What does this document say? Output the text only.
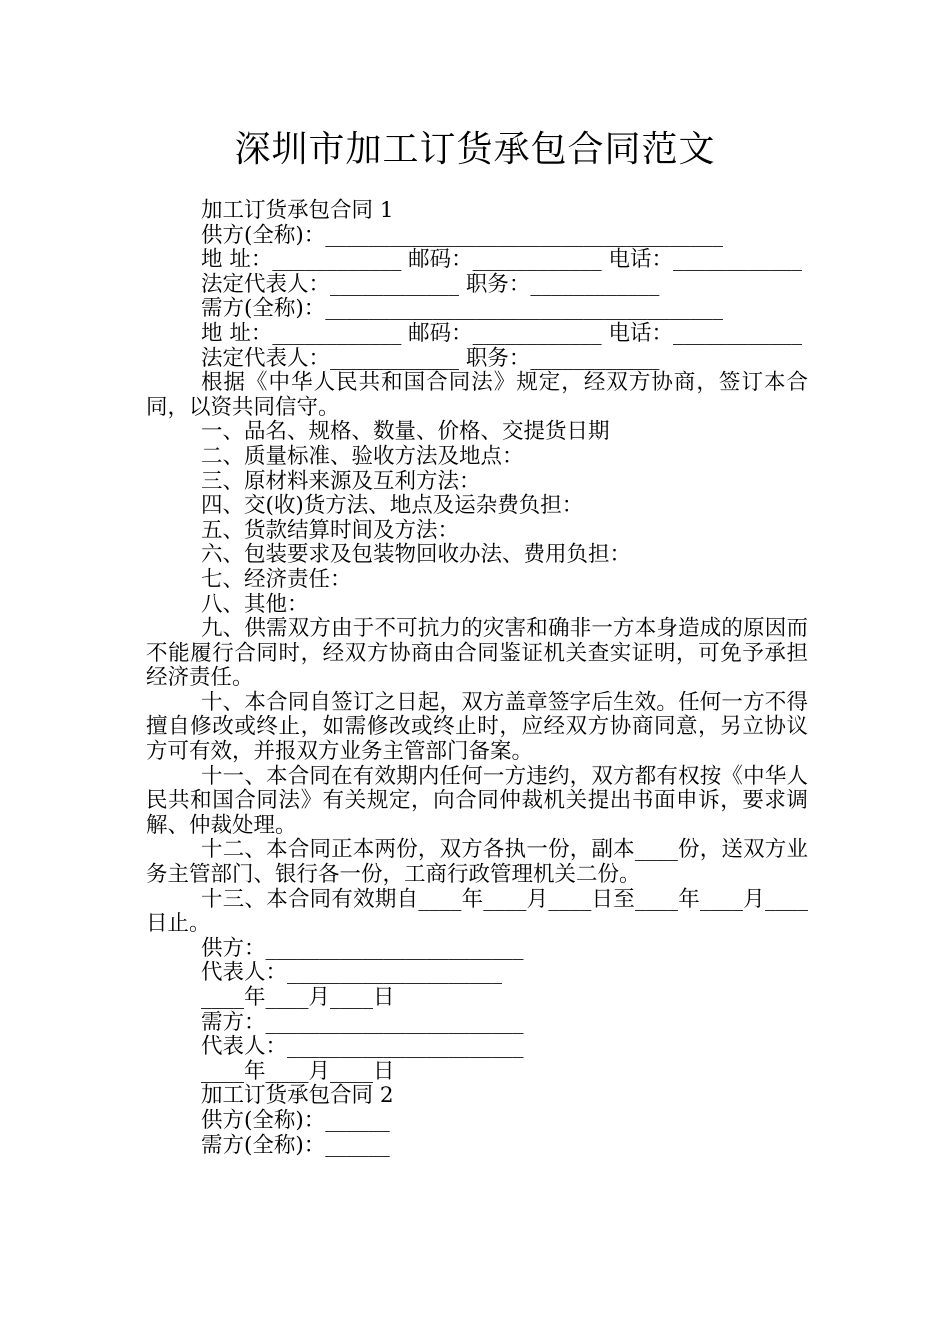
深圳市加工订货承包合同范文

加工订货承包合同 1

供方(全称)：_____________________________________

地 址：____________ 邮码：____________ 电话：____________

法定代表人：____________ 职务：____________

需方(全称)：_____________________________________

地 址：____________ 邮码：____________ 电话：____________

法定代表人：____________ 职务：____________

根据《中华人民共和国合同法》规定，经双方协商，签订本合同，以资共同信守。

一、品名、规格、数量、价格、交提货日期

二、质量标准、验收方法及地点：

三、原材料来源及互利方法：

四、交(收)货方法、地点及运杂费负担：

五、货款结算时间及方法：

六、包装要求及包装物回收办法、费用负担：

七、经济责任：

八、其他：

九、供需双方由于不可抗力的灾害和确非一方本身造成的原因而不能履行合同时，经双方协商由合同鉴证机关查实证明，可免予承担经济责任。

十、本合同自签订之日起，双方盖章签字后生效。任何一方不得擅自修改或终止，如需修改或终止时，应经双方协商同意，另立协议方可有效，并报双方业务主管部门备案。

十一、本合同在有效期内任何一方违约，双方都有权按《中华人民共和国合同法》有关规定，向合同仲裁机关提出书面申诉，要求调解、仲裁处理。

十二、本合同正本两份，双方各执一份，副本____份，送双方业务主管部门、银行各一份，工商行政管理机关二份。

十三、本合同有效期自____年____月____日至____年____月____日止。

供方：________________________

代表人：____________________

____年____月____日

需方：________________________

代表人：______________________

____年____月____日

加工订货承包合同 2

供方(全称)：______

需方(全称)：______
